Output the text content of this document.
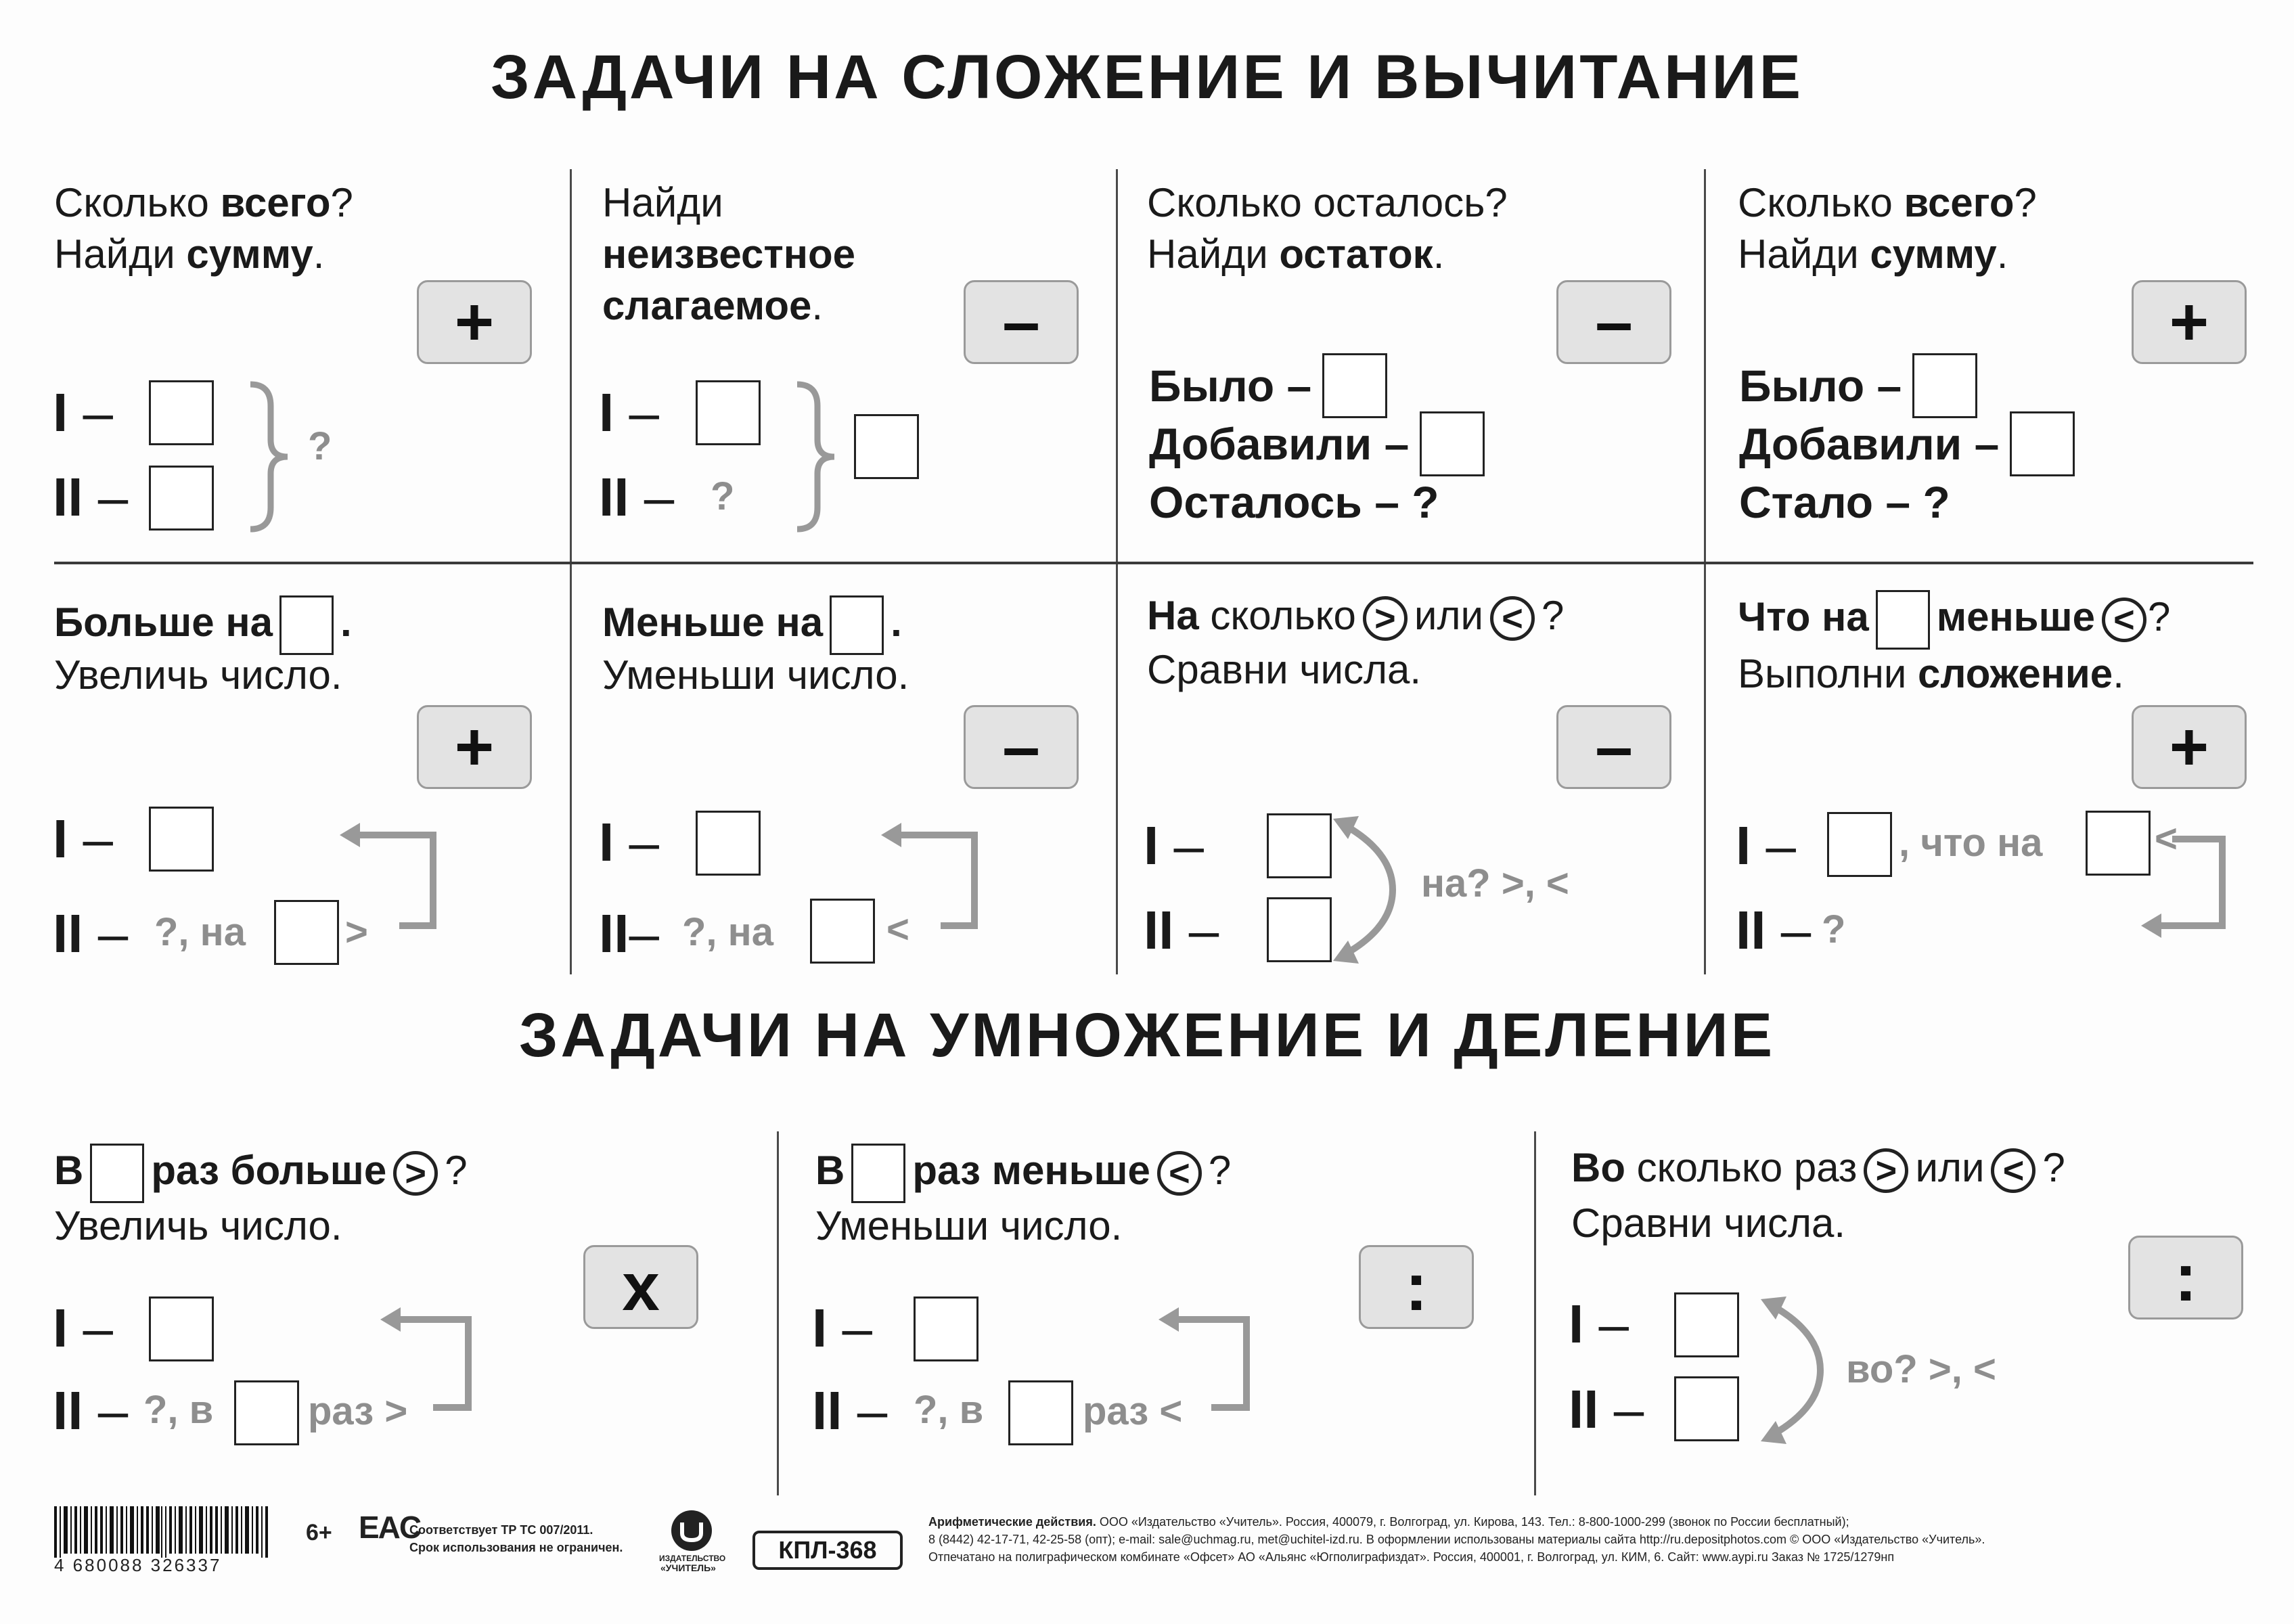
ЗАДАЧИ НА СЛОЖЕНИЕ И ВЫЧИТАНИЕ
ЗАДАЧИ НА УМНОЖЕНИЕ И ДЕЛЕНИЕ
Сколько всего?
Найди сумму.
+
I –
II –
?
Найди
неизвестное
слагаемое.	–
I –
II – ?
Сколько осталось?
Найди остаток.
–
Было –
Добавили –
Осталось – ?
Сколько всего?
Найди сумму.
+
Было –
Добавили –
Стало – ?
Больше на .
Увеличь число.
+
I –
II – ?, на	>
Меньше на .
Уменьши число.
–
I –
II– ?, на	<
На сколько > или < ?
Сравни числа.
–
I –
II –
на? >, <
Что на меньше < ?
Выполни сложение.
+
I –	, что на	<
II – ?
В раз больше > ?
Увеличь число.
x
I –
II – ?, в раз >
В раз меньше < ?
Уменьши число.
:
I –
II – ?, в	раз <
Во сколько раз > или < ?
Сравни числа.
:
I –
II –
во? >, <
4 680088 326337
6+ EAC
Соответствует ТР ТС 007/2011.
Срок использования не ограничен.
ИЗДАТЕЛЬСТВО
«УЧИТЕЛЬ»
КПЛ-368
Арифметические действия. ООО «Издательство «Учитель». Россия, 400079, г. Волгоград, ул. Кирова, 143. Тел.: 8-800-1000-299 (звонок по России бесплатный);
8 (8442) 42-17-71, 42-25-58 (опт); e-mail: sale@uchmag.ru, met@uchitel-izd.ru. В оформлении использованы материалы сайта http://ru.depositphotos.com © ООО «Издательство «Учитель».
Отпечатано на полиграфическом комбинате «Офсет» АО «Альянс «Югполиграфиздат». Россия, 400001, г. Волгоград, ул. КИМ, 6. Сайт: www.aypi.ru Заказ № 1725/1279нп
